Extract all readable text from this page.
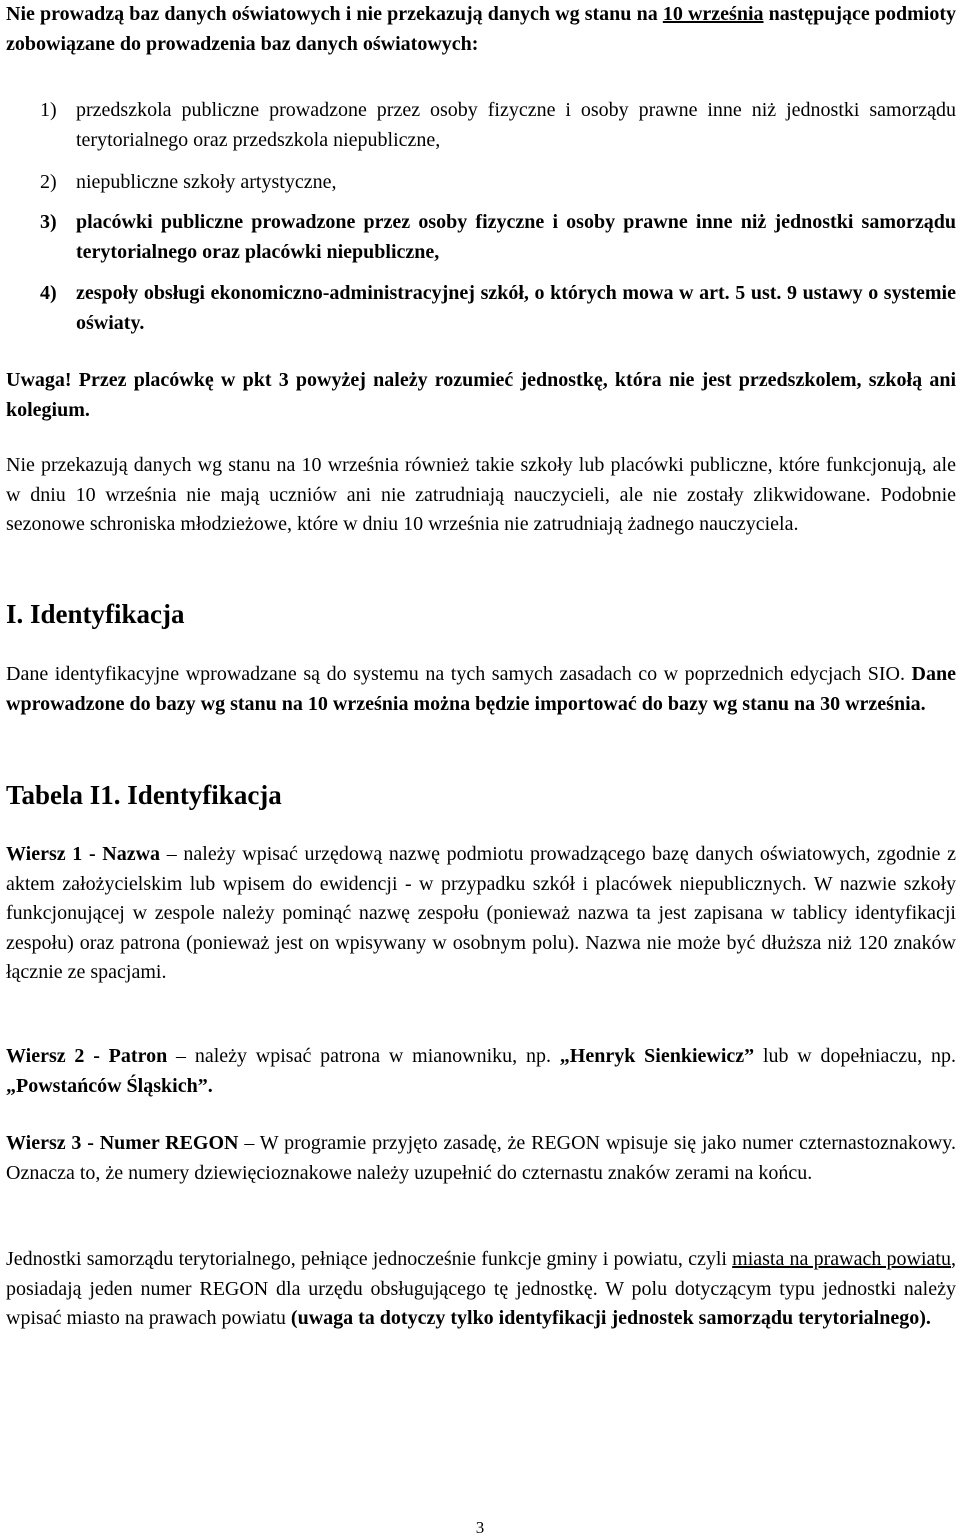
Nie prowadzą baz danych oświatowych i nie przekazują danych wg stanu na 10 września następujące podmioty zobowiązane do prowadzenia baz danych oświatowych:

1) przedszkola publiczne prowadzone przez osoby fizyczne i osoby prawne inne niż jednostki samorządu terytorialnego oraz przedszkola niepubliczne,
2) niepubliczne szkoły artystyczne,
3) placówki publiczne prowadzone przez osoby fizyczne i osoby prawne inne niż jednostki samorządu terytorialnego oraz placówki niepubliczne,
4) zespoły obsługi ekonomiczno-administracyjnej szkół, o których mowa w art. 5 ust. 9 ustawy o systemie oświaty.

Uwaga! Przez placówkę w pkt 3 powyżej należy rozumieć jednostkę, która nie jest przedszkolem, szkołą ani kolegium.

Nie przekazują danych wg stanu na 10 września również takie szkoły lub placówki publiczne, które funkcjonują, ale w dniu 10 września nie mają uczniów ani nie zatrudniają nauczycieli, ale nie zostały zlikwidowane. Podobnie sezonowe schroniska młodzieżowe, które w dniu 10 września nie zatrudniają żadnego nauczyciela.

I. Identyfikacja

Dane identyfikacyjne wprowadzane są do systemu na tych samych zasadach co w poprzednich edycjach SIO. Dane wprowadzone do bazy wg stanu na 10 września można będzie importować do bazy wg stanu na 30 września.

Tabela I1. Identyfikacja

Wiersz 1 - Nazwa – należy wpisać urzędową nazwę podmiotu prowadzącego bazę danych oświatowych, zgodnie z aktem założycielskim lub wpisem do ewidencji - w przypadku szkół i placówek niepublicznych. W nazwie szkoły funkcjonującej w zespole należy pominąć nazwę zespołu (ponieważ nazwa ta jest zapisana w tablicy identyfikacji zespołu) oraz patrona (ponieważ jest on wpisywany w osobnym polu). Nazwa nie może być dłuższa niż 120 znaków łącznie ze spacjami.

Wiersz 2 - Patron – należy wpisać patrona w mianowniku, np. „Henryk Sienkiewicz” lub w dopełniaczu, np. „Powstańców Śląskich”.

Wiersz 3 - Numer REGON – W programie przyjęto zasadę, że REGON wpisuje się jako numer czternastoznakowy. Oznacza to, że numery dziewięcioznakowe należy uzupełnić do czternastu znaków zerami na końcu.

Jednostki samorządu terytorialnego, pełniące jednocześnie funkcje gminy i powiatu, czyli miasta na prawach powiatu, posiadają jeden numer REGON dla urzędu obsługującego tę jednostkę. W polu dotyczącym typu jednostki należy wpisać miasto na prawach powiatu (uwaga ta dotyczy tylko identyfikacji jednostek samorządu terytorialnego).

3
